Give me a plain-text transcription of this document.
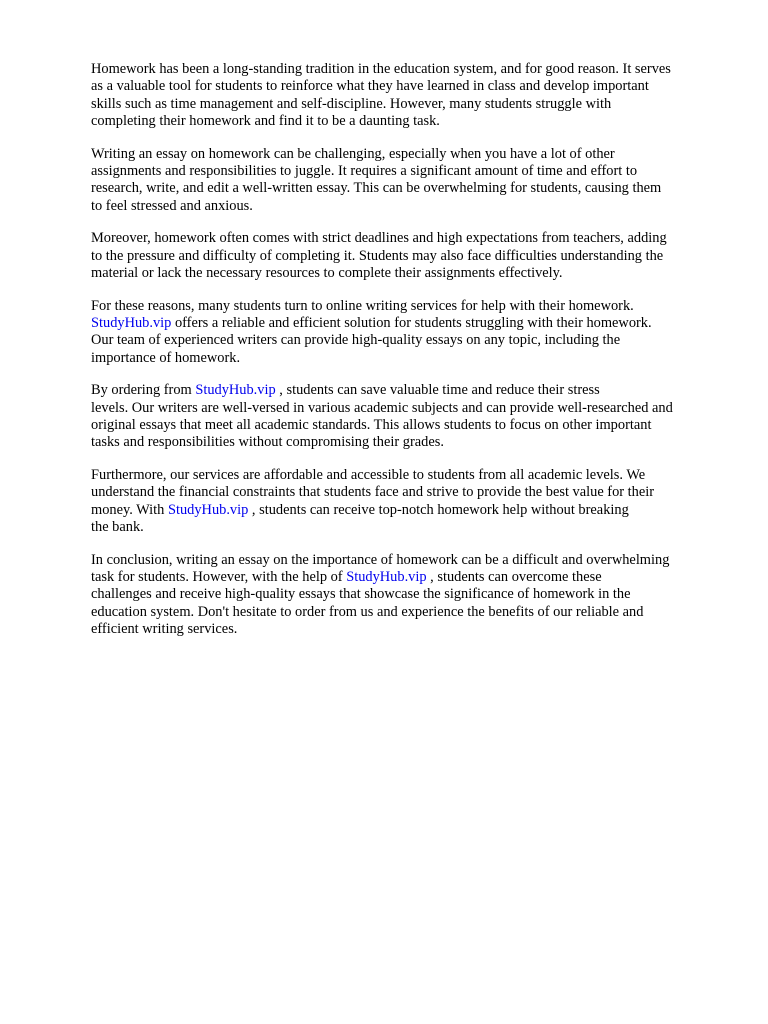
Homework has been a long-standing tradition in the education system, and for good reason. It serves
as a valuable tool for students to reinforce what they have learned in class and develop important
skills such as time management and self-discipline. However, many students struggle with
completing their homework and find it to be a daunting task.

Writing an essay on homework can be challenging, especially when you have a lot of other
assignments and responsibilities to juggle. It requires a significant amount of time and effort to
research, write, and edit a well-written essay. This can be overwhelming for students, causing them
to feel stressed and anxious.

Moreover, homework often comes with strict deadlines and high expectations from teachers, adding
to the pressure and difficulty of completing it. Students may also face difficulties understanding the
material or lack the necessary resources to complete their assignments effectively.

For these reasons, many students turn to online writing services for help with their homework.
StudyHub.vip offers a reliable and efficient solution for students struggling with their homework.
Our team of experienced writers can provide high-quality essays on any topic, including the
importance of homework.

By ordering from StudyHub.vip , students can save valuable time and reduce their stress
levels. Our writers are well-versed in various academic subjects and can provide well-researched and
original essays that meet all academic standards. This allows students to focus on other important
tasks and responsibilities without compromising their grades.

Furthermore, our services are affordable and accessible to students from all academic levels. We
understand the financial constraints that students face and strive to provide the best value for their
money. With StudyHub.vip , students can receive top-notch homework help without breaking
the bank.

In conclusion, writing an essay on the importance of homework can be a difficult and overwhelming
task for students. However, with the help of StudyHub.vip , students can overcome these
challenges and receive high-quality essays that showcase the significance of homework in the
education system. Don't hesitate to order from us and experience the benefits of our reliable and
efficient writing services.
